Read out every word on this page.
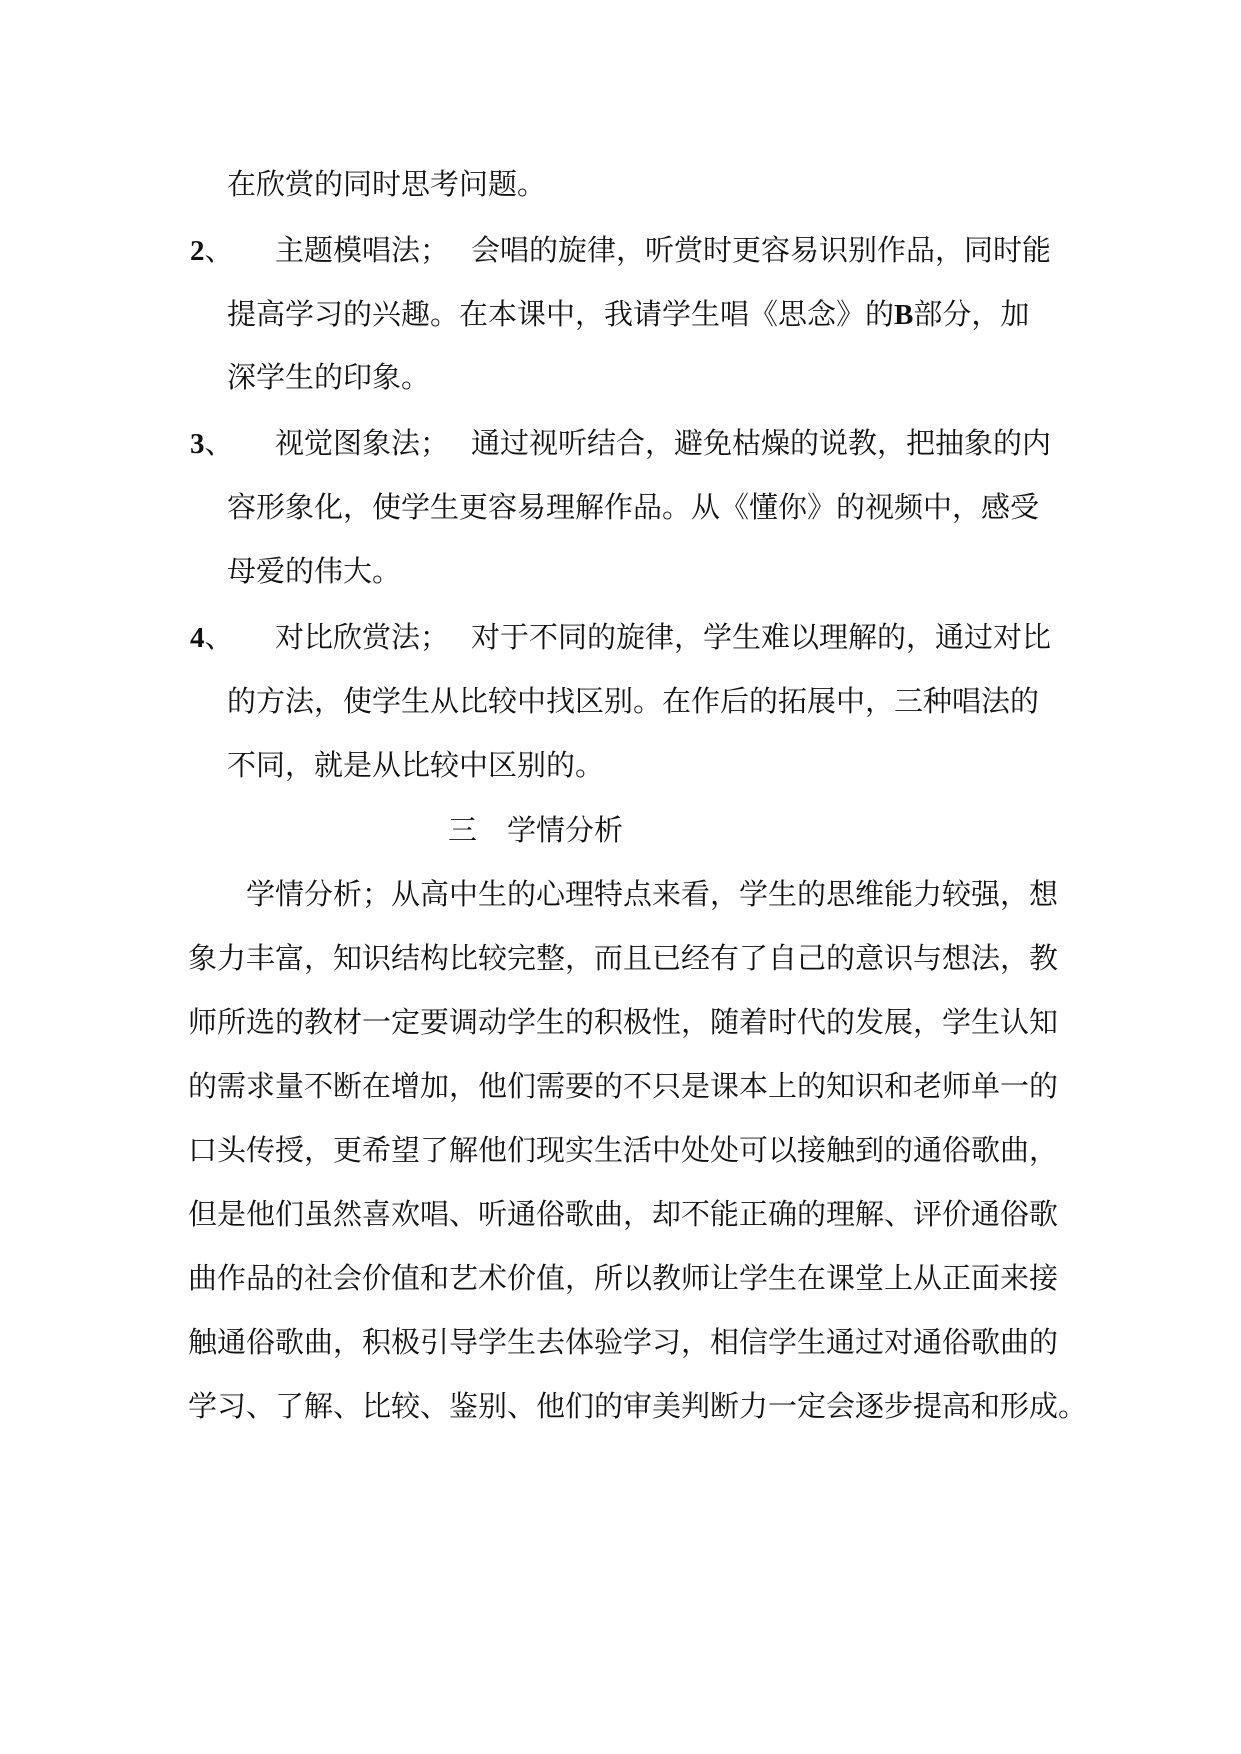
在欣赏的同时思考问题。
2、 主题模唱法； 会唱的旋律，听赏时更容易识别作品，同时能
提高学习的兴趣。在本课中，我请学生唱《思念》的B部分，加
深学生的印象。
3、 视觉图象法； 通过视听结合，避免枯燥的说教，把抽象的内
容形象化，使学生更容易理解作品。从《懂你》的视频中，感受
母爱的伟大。
4、 对比欣赏法； 对于不同的旋律，学生难以理解的，通过对比
的方法，使学生从比较中找区别。在作后的拓展中，三种唱法的
不同，就是从比较中区别的。
三 学情分析
学情分析；从高中生的心理特点来看，学生的思维能力较强，想
象力丰富，知识结构比较完整，而且已经有了自己的意识与想法，教
师所选的教材一定要调动学生的积极性，随着时代的发展，学生认知
的需求量不断在增加，他们需要的不只是课本上的知识和老师单一的
口头传授，更希望了解他们现实生活中处处可以接触到的通俗歌曲，
但是他们虽然喜欢唱、听通俗歌曲，却不能正确的理解、评价通俗歌
曲作品的社会价值和艺术价值，所以教师让学生在课堂上从正面来接
触通俗歌曲，积极引导学生去体验学习，相信学生通过对通俗歌曲的
学习、了解、比较、鉴别、他们的审美判断力一定会逐步提高和形成。
